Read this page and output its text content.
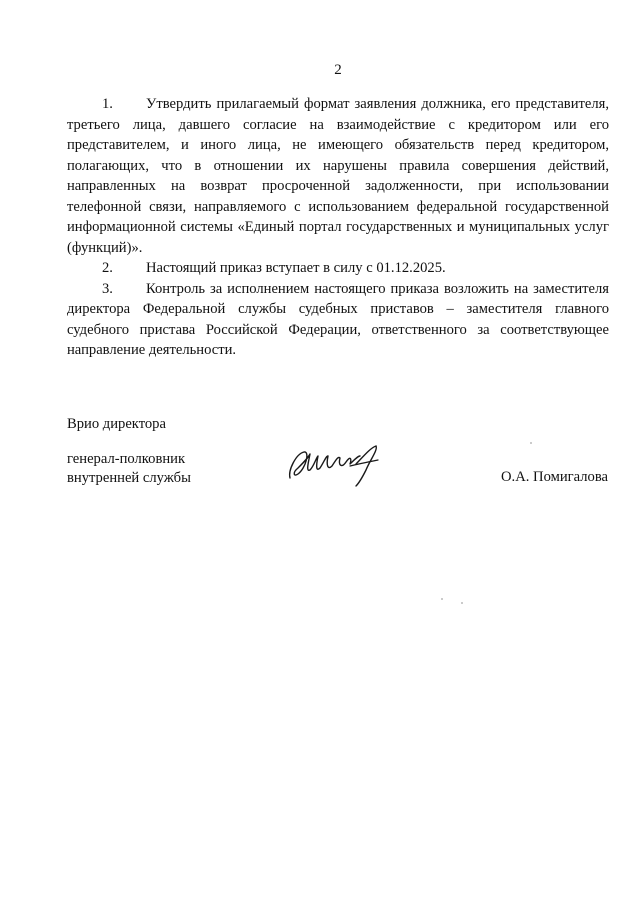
2

1. Утвердить прилагаемый формат заявления должника, его представителя, третьего лица, давшего согласие на взаимодействие с кредитором или его представителем, и иного лица, не имеющего обязательств перед кредитором, полагающих, что в отношении их нарушены правила совершения действий, направленных на возврат просроченной задолженности, при использовании телефонной связи, направляемого с использованием федеральной государственной информационной системы «Единый портал государственных и муниципальных услуг (функций)».

2. Настоящий приказ вступает в силу с 01.12.2025.

3. Контроль за исполнением настоящего приказа возложить на заместителя директора Федеральной службы судебных приставов – заместителя главного судебного пристава Российской Федерации, ответственного за соответствующее направление деятельности.

Врио директора
генерал-полковник
внутренней службы	О.А. Помигалова
